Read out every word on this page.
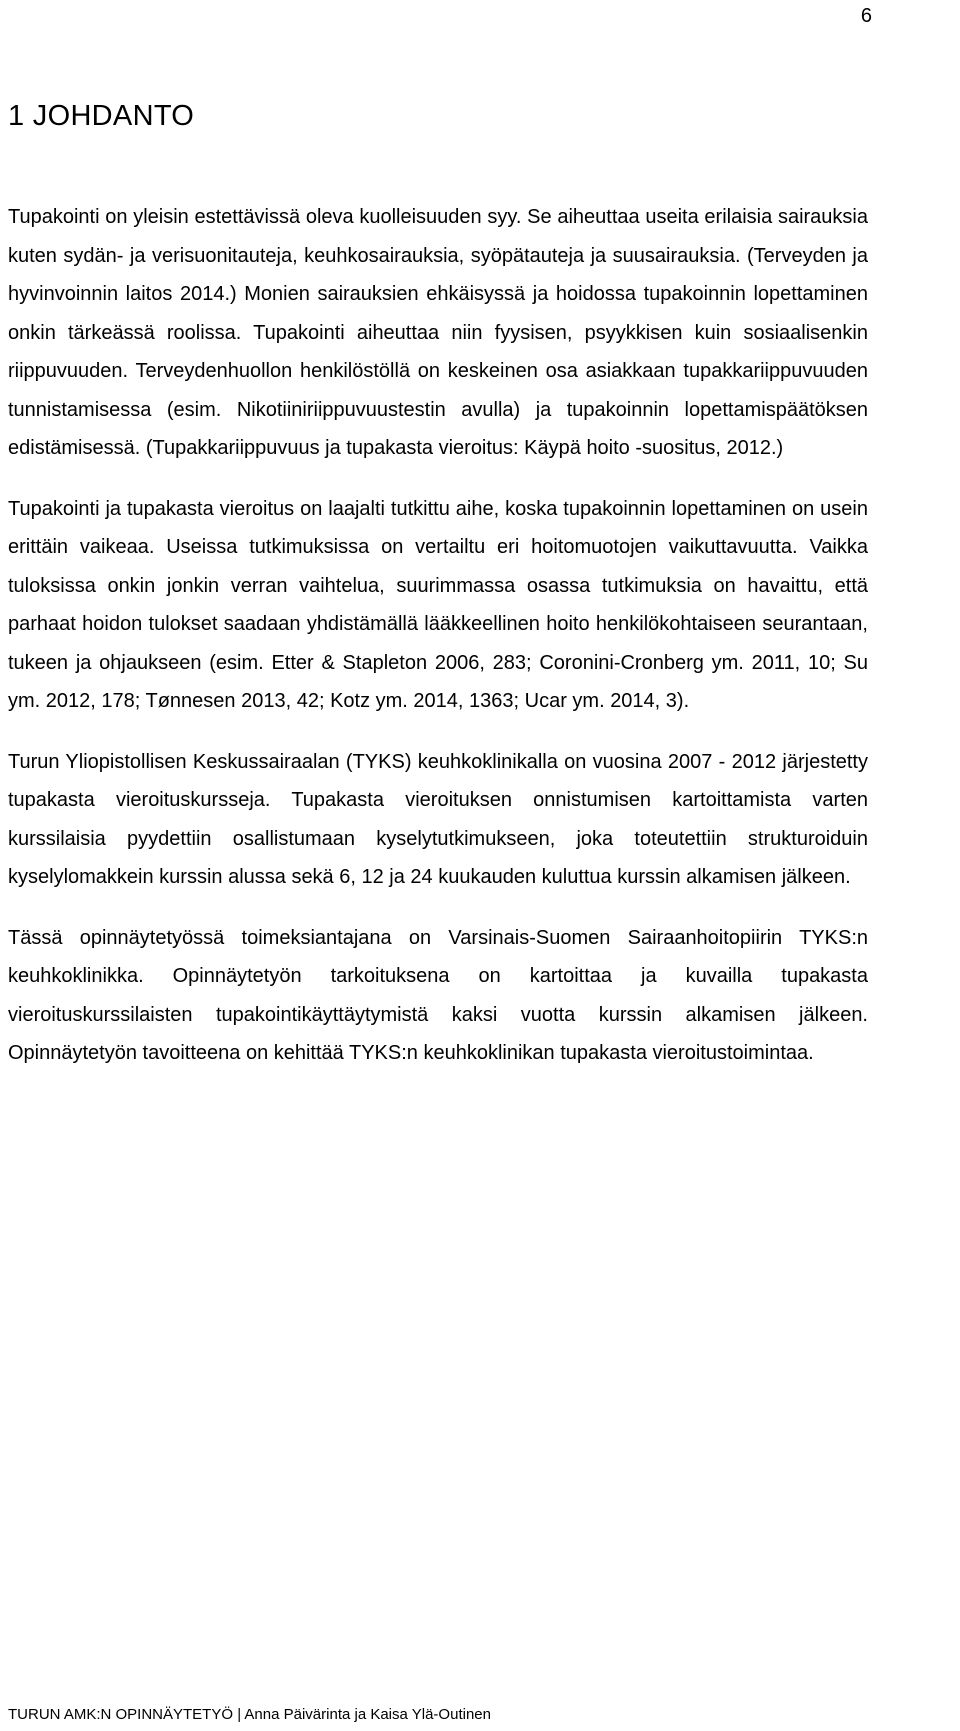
6
1 JOHDANTO

Tupakointi on yleisin estettävissä oleva kuolleisuuden syy. Se aiheuttaa useita erilaisia sairauksia kuten sydän- ja verisuonitauteja, keuhkosairauksia, syöpätauteja ja suusairauksia. (Terveyden ja hyvinvoinnin laitos 2014.) Monien sairauksien ehkäisyssä ja hoidossa tupakoinnin lopettaminen onkin tärkeässä roolissa. Tupakointi aiheuttaa niin fyysisen, psyykkisen kuin sosiaalisenkin riippuvuuden. Terveydenhuollon henkilöstöllä on keskeinen osa asiakkaan tupakkariippuvuuden tunnistamisessa (esim. Nikotiiniriippuvuustestin avulla) ja tupakoinnin lopettamispäätöksen edistämisessä. (Tupakkariippuvuus ja tupakasta vieroitus: Käypä hoito -suositus, 2012.)

Tupakointi ja tupakasta vieroitus on laajalti tutkittu aihe, koska tupakoinnin lopettaminen on usein erittäin vaikeaa. Useissa tutkimuksissa on vertailtu eri hoitomuotojen vaikuttavuutta. Vaikka tuloksissa onkin jonkin verran vaihtelua, suurimmassa osassa tutkimuksia on havaittu, että parhaat hoidon tulokset saadaan yhdistämällä lääkkeellinen hoito henkilökohtaiseen seurantaan, tukeen ja ohjaukseen (esim. Etter & Stapleton 2006, 283; Coronini-Cronberg ym. 2011, 10; Su ym. 2012, 178; Tønnesen 2013, 42; Kotz ym. 2014, 1363; Ucar ym. 2014, 3).

Turun Yliopistollisen Keskussairaalan (TYKS) keuhkoklinikalla on vuosina 2007 - 2012 järjestetty tupakasta vieroituskursseja. Tupakasta vieroituksen onnistumisen kartoittamista varten kurssilaisia pyydettiin osallistumaan kyselytutkimukseen, joka toteutettiin strukturoiduin kyselylomakkein kurssin alussa sekä 6, 12 ja 24 kuukauden kuluttua kurssin alkamisen jälkeen.

Tässä opinnäytetyössä toimeksiantajana on Varsinais-Suomen Sairaanhoitopiirin TYKS:n keuhkoklinikka. Opinnäytetyön tarkoituksena on kartoittaa ja kuvailla tupakasta vieroituskurssilaisten tupakointikäyttäytymistä kaksi vuotta kurssin alkamisen jälkeen. Opinnäytetyön tavoitteena on kehittää TYKS:n keuhkoklinikan tupakasta vieroitustoimintaa.

TURUN AMK:N OPINNÄYTETYÖ | Anna Päivärinta ja Kaisa Ylä-Outinen
